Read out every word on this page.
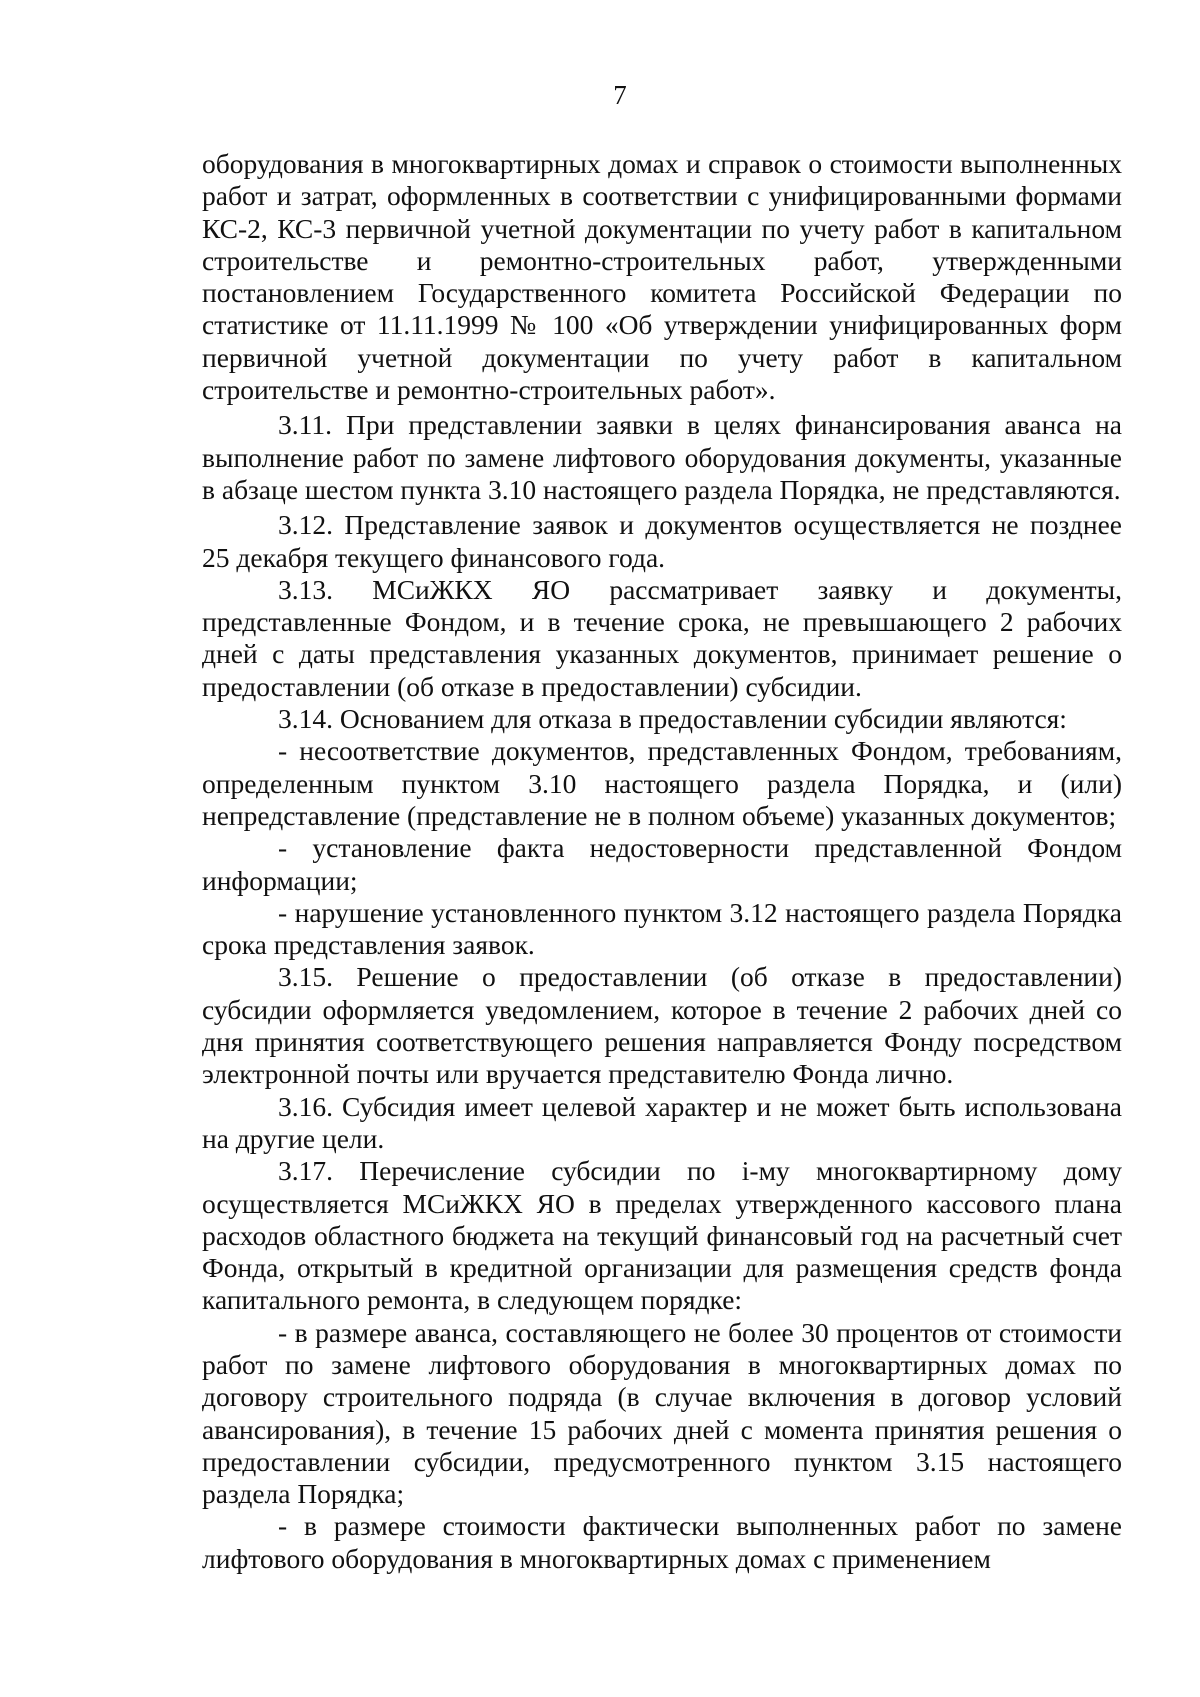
7

оборудования в многоквартирных домах и справок о стоимости выполненных работ и затрат, оформленных в соответствии с унифицированными формами КС-2, КС-3 первичной учетной документации по учету работ в капитальном строительстве и ремонтно-строительных работ, утвержденными постановлением Государственного комитета Российской Федерации по статистике от 11.11.1999 № 100 «Об утверждении унифицированных форм первичной учетной документации по учету работ в капитальном строительстве и ремонтно-строительных работ».

3.11. При представлении заявки в целях финансирования аванса на выполнение работ по замене лифтового оборудования документы, указанные в абзаце шестом пункта 3.10 настоящего раздела Порядка, не представляются.

3.12. Представление заявок и документов осуществляется не позднее 25 декабря текущего финансового года.

3.13. МСиЖКХ ЯО рассматривает заявку и документы, представленные Фондом, и в течение срока, не превышающего 2 рабочих дней с даты представления указанных документов, принимает решение о предоставлении (об отказе в предоставлении) субсидии.

3.14. Основанием для отказа в предоставлении субсидии являются:

- несоответствие документов, представленных Фондом, требованиям, определенным пунктом 3.10 настоящего раздела Порядка, и (или) непредставление (представление не в полном объеме) указанных документов;

- установление факта недостоверности представленной Фондом информации;

- нарушение установленного пунктом 3.12 настоящего раздела Порядка срока представления заявок.

3.15. Решение о предоставлении (об отказе в предоставлении) субсидии оформляется уведомлением, которое в течение 2 рабочих дней со дня принятия соответствующего решения направляется Фонду посредством электронной почты или вручается представителю Фонда лично.

3.16. Субсидия имеет целевой характер и не может быть использована на другие цели.

3.17. Перечисление субсидии по i-му многоквартирному дому осуществляется МСиЖКХ ЯО в пределах утвержденного кассового плана расходов областного бюджета на текущий финансовый год на расчетный счет Фонда, открытый в кредитной организации для размещения средств фонда капитального ремонта, в следующем порядке:

- в размере аванса, составляющего не более 30 процентов от стоимости работ по замене лифтового оборудования в многоквартирных домах по договору строительного подряда (в случае включения в договор условий авансирования), в течение 15 рабочих дней с момента принятия решения о предоставлении субсидии, предусмотренного пунктом 3.15 настоящего раздела Порядка;

- в размере стоимости фактически выполненных работ по замене лифтового оборудования в многоквартирных домах с применением
